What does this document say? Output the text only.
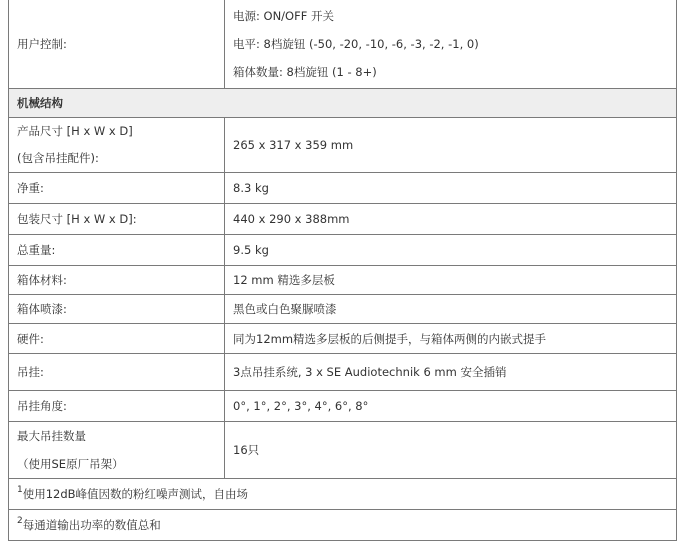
用户控制:	电源: ON/OFF 开关
电平: 8档旋钮 (-50, -20, -10, -6, -3, -2, -1, 0)
箱体数量: 8档旋钮 (1 - 8+)

机械结构	

产品尺寸 [H x W x D]
(包含吊挂配件):	265 x 317 x 359 mm
净重:	8.3 kg
包装尺寸 [H x W x D]:	440 x 290 x 388mm
总重量:	9.5 kg
箱体材料:	12 mm 精选多层板
箱体喷漆:	黑色或白色聚脲喷漆
硬件:	同为12mm精选多层板的后侧提手，与箱体两侧的内嵌式提手
吊挂:	3点吊挂系统, 3 x SE Audiotechnik 6 mm 安全插销
吊挂角度:	0°, 1°, 2°, 3°, 4°, 6°, 8°

最大吊挂数量
（使用SE原厂吊架）	16只
$^1$使用12dB峰值因数的粉红噪声测试，自由场	
$^2$每通道输出功率的数值总和	
